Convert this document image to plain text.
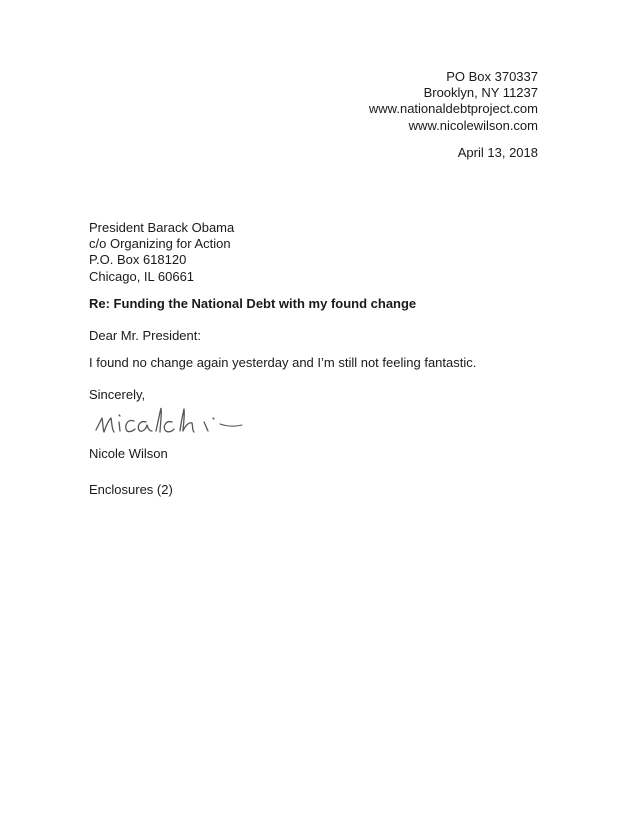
PO Box 370337
Brooklyn, NY 11237
www.nationaldebtproject.com
www.nicolewilson.com
April 13, 2018
President Barack Obama
c/o Organizing for Action
P.O. Box 618120
Chicago, IL 60661
Re: Funding the National Debt with my found change
Dear Mr. President:
I found no change again yesterday and I’m still not feeling fantastic.
Sincerely,
Nicole Wilson
Enclosures (2)
